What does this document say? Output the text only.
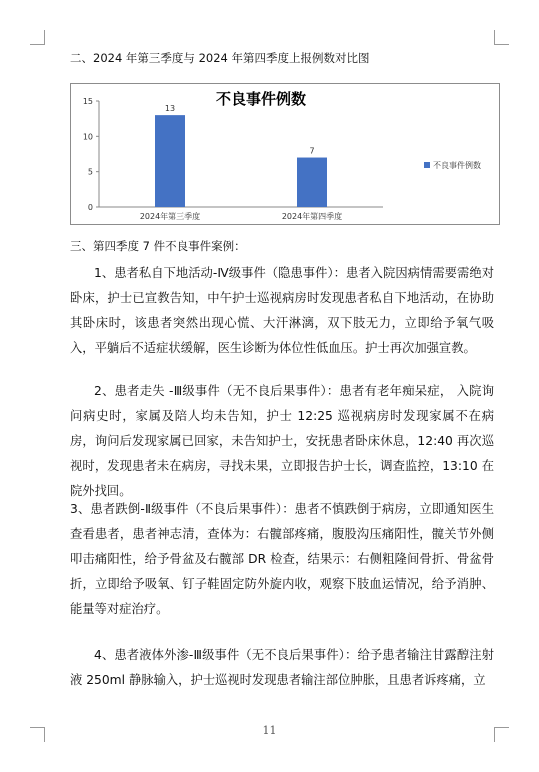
二、2024 年第三季度与 2024 年第四季度上报例数对比图
不良事件例数
0
5
10
15
13
2024年第三季度
7
2024年第四季度
不良事件例数
三、第四季度 7 件不良事件案例：
1、患者私自下地活动-Ⅳ级事件（隐患事件）：患者入院因病情需要需绝对卧床，护士已宣教告知，中午护士巡视病房时发现患者私自下地活动，在协助其卧床时，该患者突然出现心慌、大汗淋漓，双下肢无力，立即给予氧气吸入，平躺后不适症状缓解，医生诊断为体位性低血压。护士再次加强宣教。
2、患者走失 -Ⅲ级事件（无不良后果事件）：患者有老年痴呆症， 入院询问病史时，家属及陪人均未告知，护士 12:25 巡视病房时发现家属不在病房，询问后发现家属已回家，未告知护士，安抚患者卧床休息，12:40 再次巡视时，发现患者未在病房，寻找未果，立即报告护士长，调查监控，13:10 在院外找回。
3、患者跌倒-Ⅱ级事件（不良后果事件）：患者不慎跌倒于病房，立即通知医生查看患者，患者神志清，查体为：右髋部疼痛，腹股沟压痛阳性，髋关节外侧叩击痛阳性，给予骨盆及右髋部 DR 检查，结果示：右侧粗隆间骨折、骨盆骨折，立即给予吸氧、钉子鞋固定防外旋内收，观察下肢血运情况，给予消肿、能量等对症治疗。
4、患者液体外渗-Ⅲ级事件（无不良后果事件）：给予患者输注甘露醇注射液 250ml 静脉输入，护士巡视时发现患者输注部位肿胀，且患者诉疼痛，立
11
